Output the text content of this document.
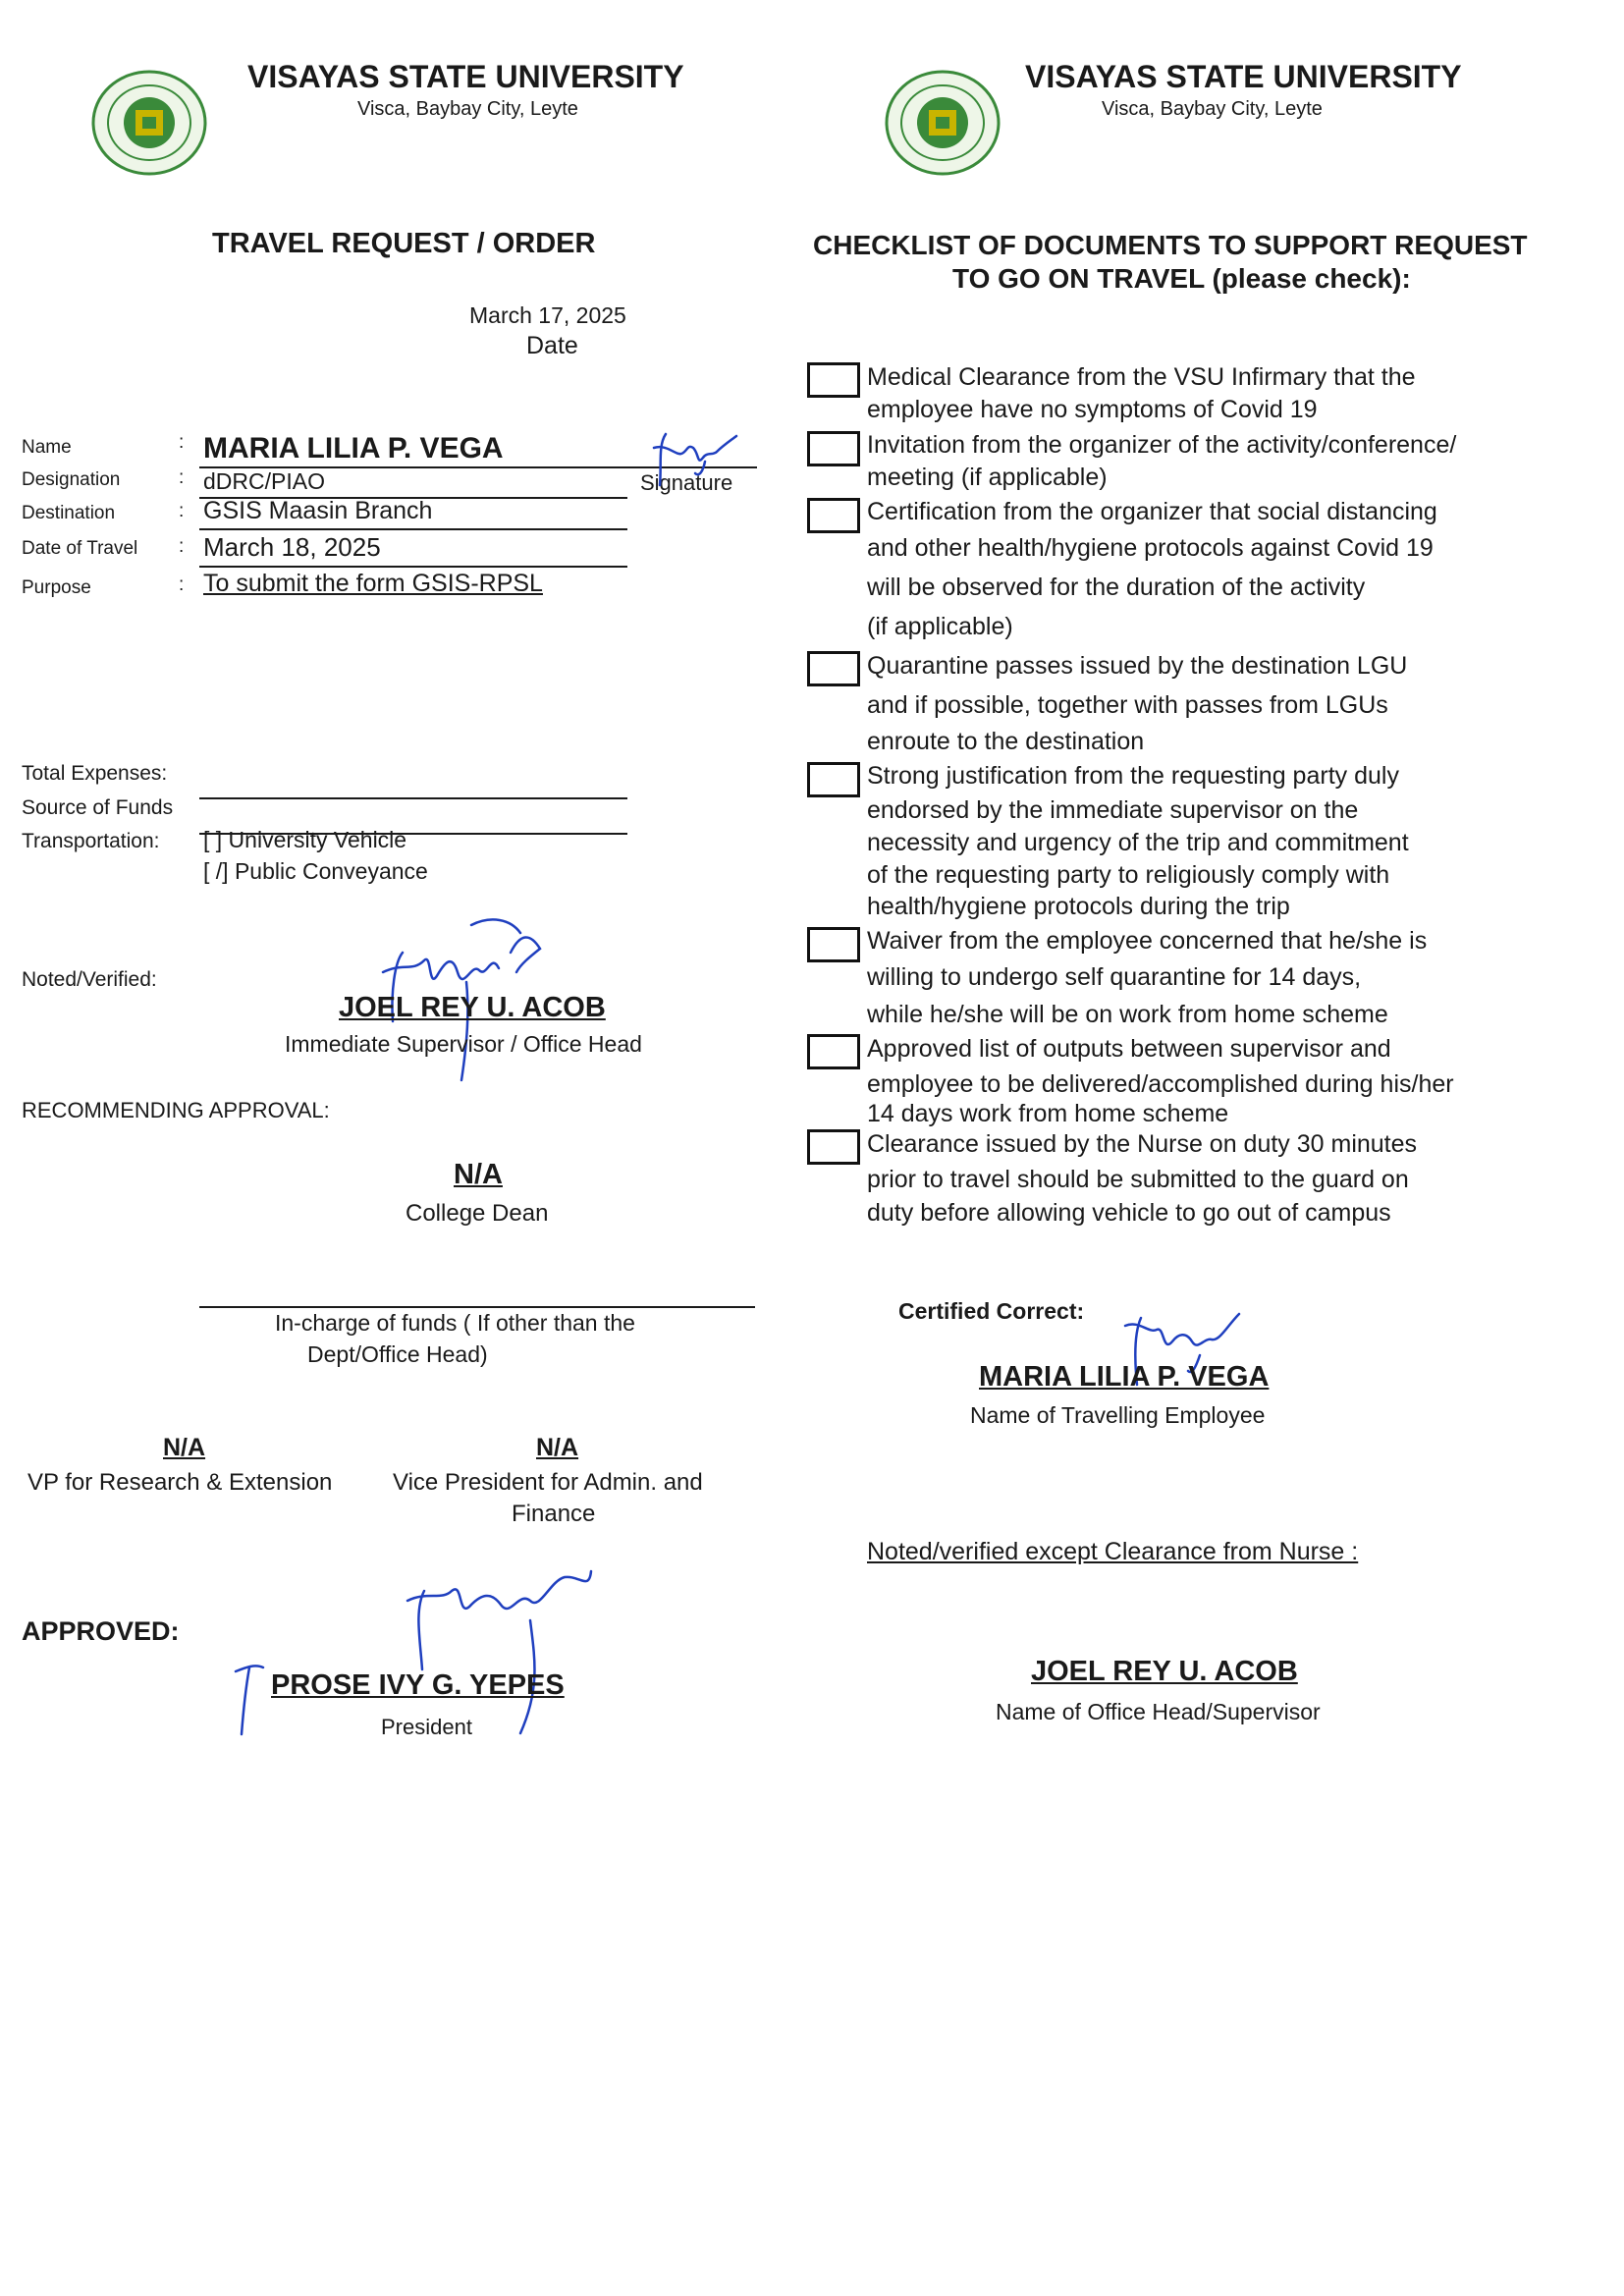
VISAYAS STATE UNIVERSITY
Visca, Baybay City, Leyte
VISAYAS STATE UNIVERSITY
Visca, Baybay City, Leyte
TRAVEL REQUEST / ORDER
March 17, 2025
Date
Name	: MARIA LILIA P. VEGA
Signature
Designation	: dDRC/PIAO
Destination	: GSIS Maasin Branch
Date of Travel : March 18, 2025
Purpose	: To submit the form GSIS-RPSL
Total Expenses:
Source of Funds
Transportation: [ ] University Vehicle
[ /] Public Conveyance
Noted/Verified:
JOEL REY U. ACOB
Immediate Supervisor / Office Head
RECOMMENDING APPROVAL:
N/A
College Dean
In-charge of funds ( If other than the
Dept/Office Head)
N/A
VP for Research & Extension
N/A
Vice President for Admin. and
Finance
APPROVED:
PROSE IVY G. YEPES
President
CHECKLIST OF DOCUMENTS TO SUPPORT REQUEST
TO GO ON TRAVEL (please check):
Medical Clearance from the VSU Infirmary that the
employee have no symptoms of Covid 19
Invitation from the organizer of the activity/conference/
meeting (if applicable)
Certification from the organizer that social distancing
and other health/hygiene protocols against Covid 19
will be observed for the duration of the activity
(if applicable)
Quarantine passes issued by the destination LGU
and if possible, together with passes from LGUs
enroute to the destination
Strong justification from the requesting party duly
endorsed by the immediate supervisor on the
necessity and urgency of the trip and commitment
of the requesting party to religiously comply with
health/hygiene protocols during the trip
Waiver from the employee concerned that he/she is
willing to undergo self quarantine for 14 days,
while he/she will be on work from home scheme
Approved list of outputs between supervisor and
employee to be delivered/accomplished during his/her
14 days work from home scheme
Clearance issued by the Nurse on duty 30 minutes
prior to travel should be submitted to the guard on
duty before allowing vehicle to go out of campus
Certified Correct:
MARIA LILIA P. VEGA
Name of Travelling Employee
Noted/verified except Clearance from Nurse :
JOEL REY U. ACOB
Name of Office Head/Supervisor
